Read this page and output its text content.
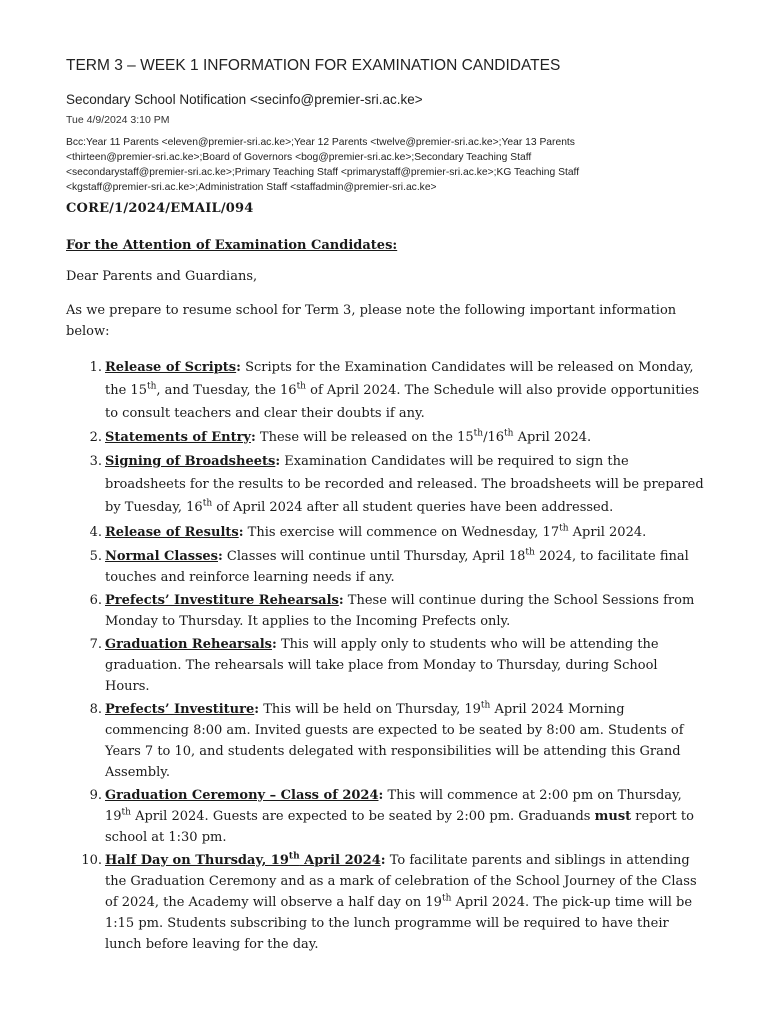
TERM 3 – WEEK 1 INFORMATION FOR EXAMINATION CANDIDATES
Secondary School Notification <secinfo@premier-sri.ac.ke>
Tue 4/9/2024 3:10 PM
Bcc:Year 11 Parents <eleven@premier-sri.ac.ke>;Year 12 Parents <twelve@premier-sri.ac.ke>;Year 13 Parents
<thirteen@premier-sri.ac.ke>;Board of Governors <bog@premier-sri.ac.ke>;Secondary Teaching Staff
<secondarystaff@premier-sri.ac.ke>;Primary Teaching Staff <primarystaff@premier-sri.ac.ke>;KG Teaching Staff
<kgstaff@premier-sri.ac.ke>;Administration Staff <staffadmin@premier-sri.ac.ke>
CORE/1/2024/EMAIL/094
For the Attention of Examination Candidates:
Dear Parents and Guardians,
As we prepare to resume school for Term 3, please note the following important information below:
1. Release of Scripts: Scripts for the Examination Candidates will be released on Monday, the 15th, and Tuesday, the 16th of April 2024. The Schedule will also provide opportunities to consult teachers and clear their doubts if any.
2. Statements of Entry: These will be released on the 15th/16th April 2024.
3. Signing of Broadsheets: Examination Candidates will be required to sign the broadsheets for the results to be recorded and released. The broadsheets will be prepared by Tuesday, 16th of April 2024 after all student queries have been addressed.
4. Release of Results: This exercise will commence on Wednesday, 17th April 2024.
5. Normal Classes: Classes will continue until Thursday, April 18th 2024, to facilitate final touches and reinforce learning needs if any.
6. Prefects’ Investiture Rehearsals: These will continue during the School Sessions from Monday to Thursday. It applies to the Incoming Prefects only.
7. Graduation Rehearsals: This will apply only to students who will be attending the graduation. The rehearsals will take place from Monday to Thursday, during School Hours.
8. Prefects’ Investiture: This will be held on Thursday, 19th April 2024 Morning commencing 8:00 am. Invited guests are expected to be seated by 8:00 am. Students of Years 7 to 10, and students delegated with responsibilities will be attending this Grand Assembly.
9. Graduation Ceremony – Class of 2024: This will commence at 2:00 pm on Thursday, 19th April 2024. Guests are expected to be seated by 2:00 pm. Graduands must report to school at 1:30 pm.
10. Half Day on Thursday, 19th April 2024: To facilitate parents and siblings in attending the Graduation Ceremony and as a mark of celebration of the School Journey of the Class of 2024, the Academy will observe a half day on 19th April 2024. The pick-up time will be 1:15 pm. Students subscribing to the lunch programme will be required to have their lunch before leaving for the day.
